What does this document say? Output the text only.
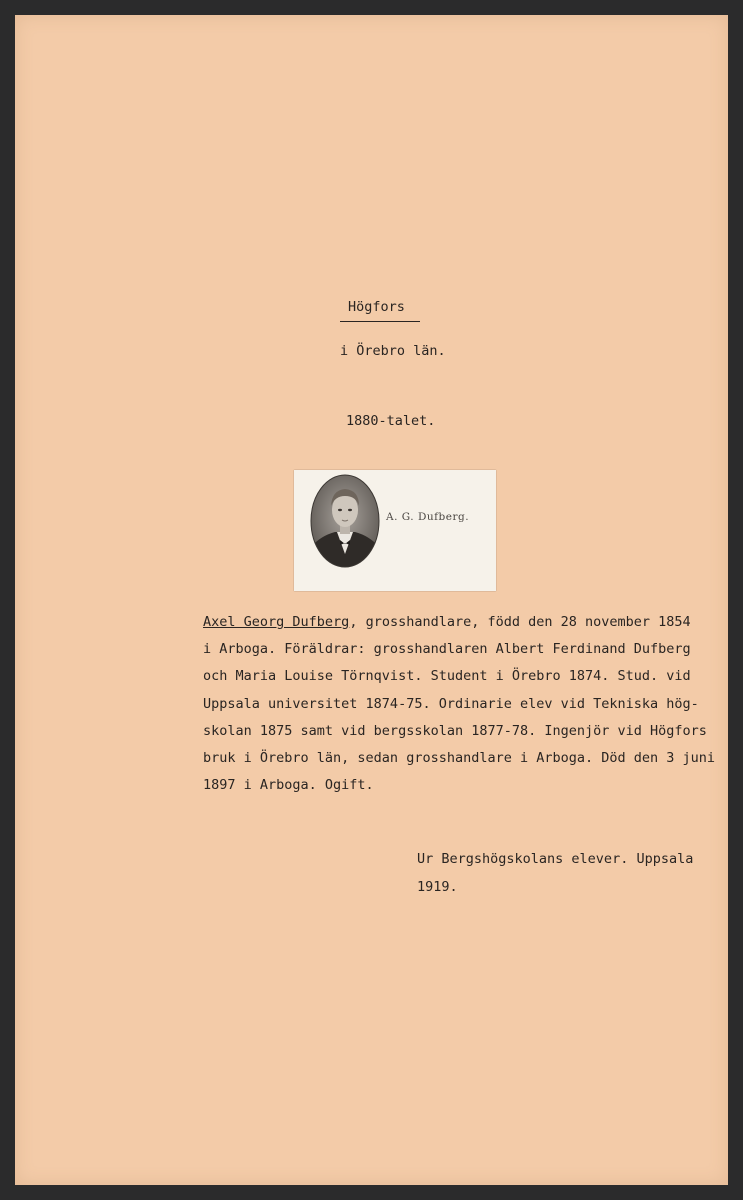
Högfors
i Örebro län.
1880-talet.
A. G. Dufberg.
Axel Georg Dufberg, grosshandlare, född den 28 november 1854
i Arboga. Föräldrar: grosshandlaren Albert Ferdinand Dufberg
och Maria Louise Törnqvist. Student i Örebro 1874. Stud. vid
Uppsala universitet 1874-75. Ordinarie elev vid Tekniska hög-
skolan 1875 samt vid bergsskolan 1877-78. Ingenjör vid Högfors
bruk i Örebro län, sedan grosshandlare i Arboga. Död den 3 juni
1897 i Arboga. Ogift.
Ur Bergshögskolans elever. Uppsala
1919.
